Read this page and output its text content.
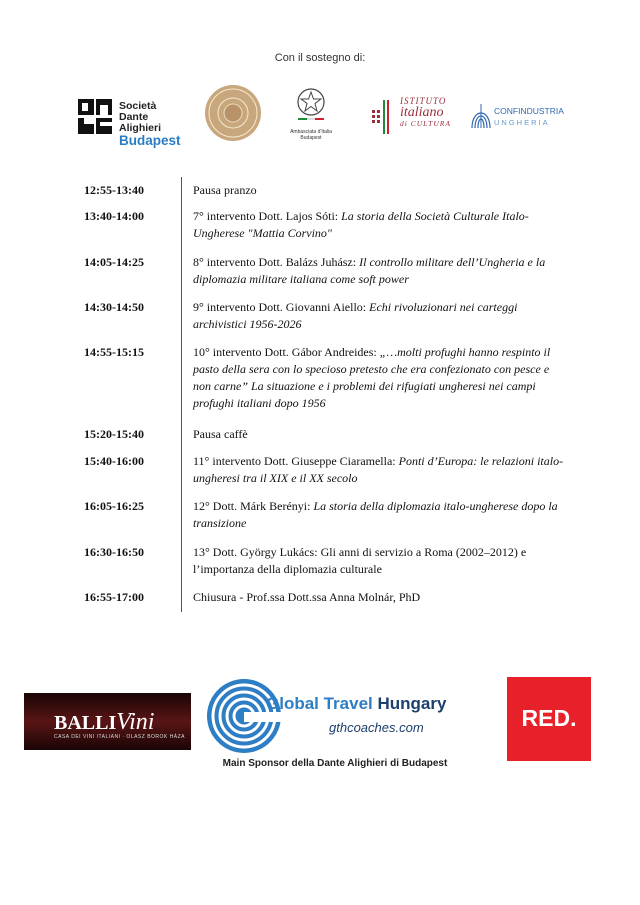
Con il sostegno di:
Società
Dante Alighieri
Budapest
Ambasciata d'Italia
Budapest
ISTITUTO
italiano
di CULTURA
CONFINDUSTRIA
UNGHERIA
12:55-13:40	Pausa pranzo
13:40-14:00	7° intervento Dott. Lajos Sóti: La storia della Società Culturale Italo-Ungherese "Mattia Corvino"
14:05-14:25	8° intervento Dott. Balázs Juhász: Il controllo militare dell’Ungheria e la diplomazia militare italiana come soft power
14:30-14:50	9° intervento Dott. Giovanni Aiello: Echi rivoluzionari nei carteggi archivistici 1956-2026
14:55-15:15	10° intervento Dott. Gábor Andreides: „…molti profughi hanno respinto il pasto della sera con lo specioso pretesto che era confezionato con pesce e non carne” La situazione e i problemi dei rifugiati ungheresi nei campi profughi italiani dopo 1956
15:20-15:40	Pausa caffè
15:40-16:00	11° intervento Dott. Giuseppe Ciaramella: Ponti d’Europa: le relazioni italo-ungheresi tra il XIX e il XX secolo
16:05-16:25	12° Dott. Márk Berényi: La storia della diplomazia italo-ungherese dopo la transizione
16:30-16:50	13° Dott. György Lukács: Gli anni di servizio a Roma (2002–2012) e l’importanza della diplomazia culturale
16:55-17:00	Chiusura - Prof.ssa Dott.ssa Anna Molnár, PhD
BALLIVini
CASA DEI VINI ITALIANI · OLASZ BOROK HÁZA
Global Travel Hungary
gthcoaches.com
Main Sponsor della Dante Alighieri di Budapest
RED.
